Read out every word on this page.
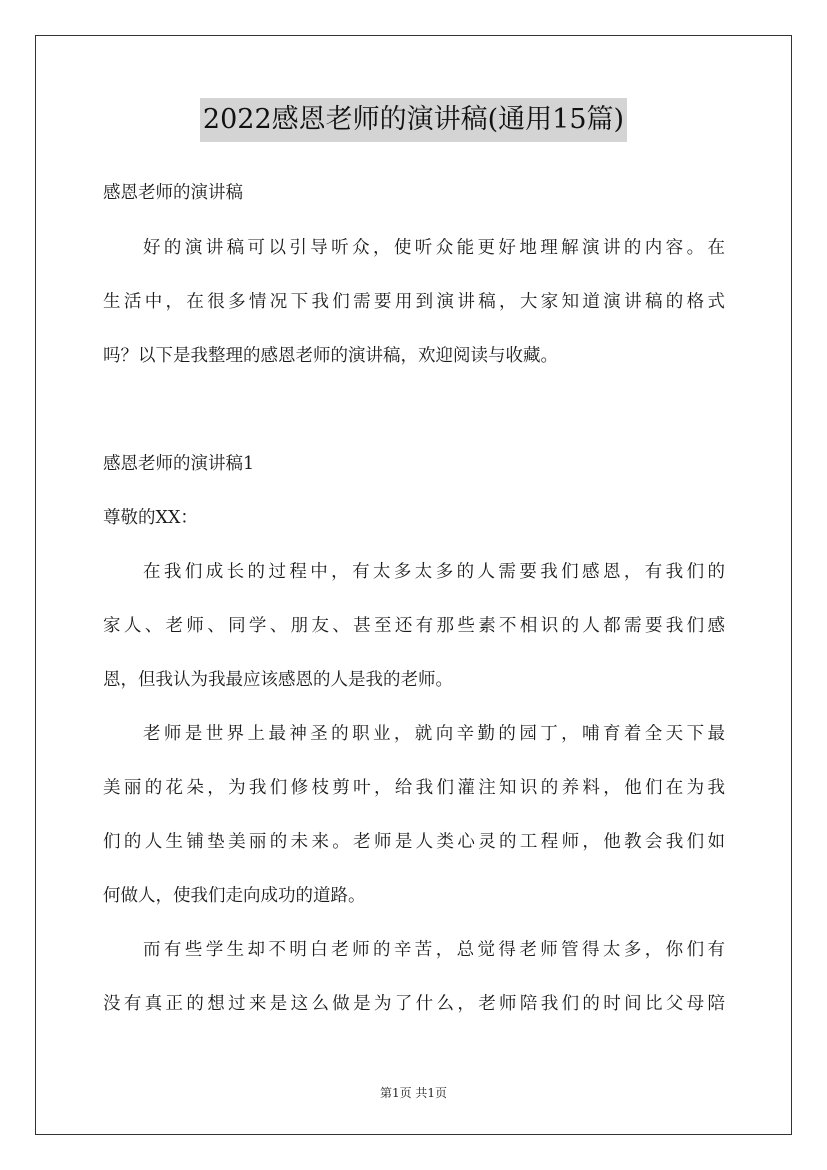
2022感恩老师的演讲稿(通用15篇)
感恩老师的演讲稿
好的演讲稿可以引导听众，使听众能更好地理解演讲的内容。在
生活中，在很多情况下我们需要用到演讲稿，大家知道演讲稿的格式
吗？以下是我整理的感恩老师的演讲稿，欢迎阅读与收藏。
感恩老师的演讲稿1
尊敬的XX：
在我们成长的过程中，有太多太多的人需要我们感恩，有我们的
家人、老师、同学、朋友、甚至还有那些素不相识的人都需要我们感
恩，但我认为我最应该感恩的人是我的老师。
老师是世界上最神圣的职业，就向辛勤的园丁，哺育着全天下最
美丽的花朵，为我们修枝剪叶，给我们灌注知识的养料，他们在为我
们的人生铺垫美丽的未来。老师是人类心灵的工程师，他教会我们如
何做人，使我们走向成功的道路。
而有些学生却不明白老师的辛苦，总觉得老师管得太多，你们有
没有真正的想过来是这么做是为了什么，老师陪我们的时间比父母陪
第1页 共1页
